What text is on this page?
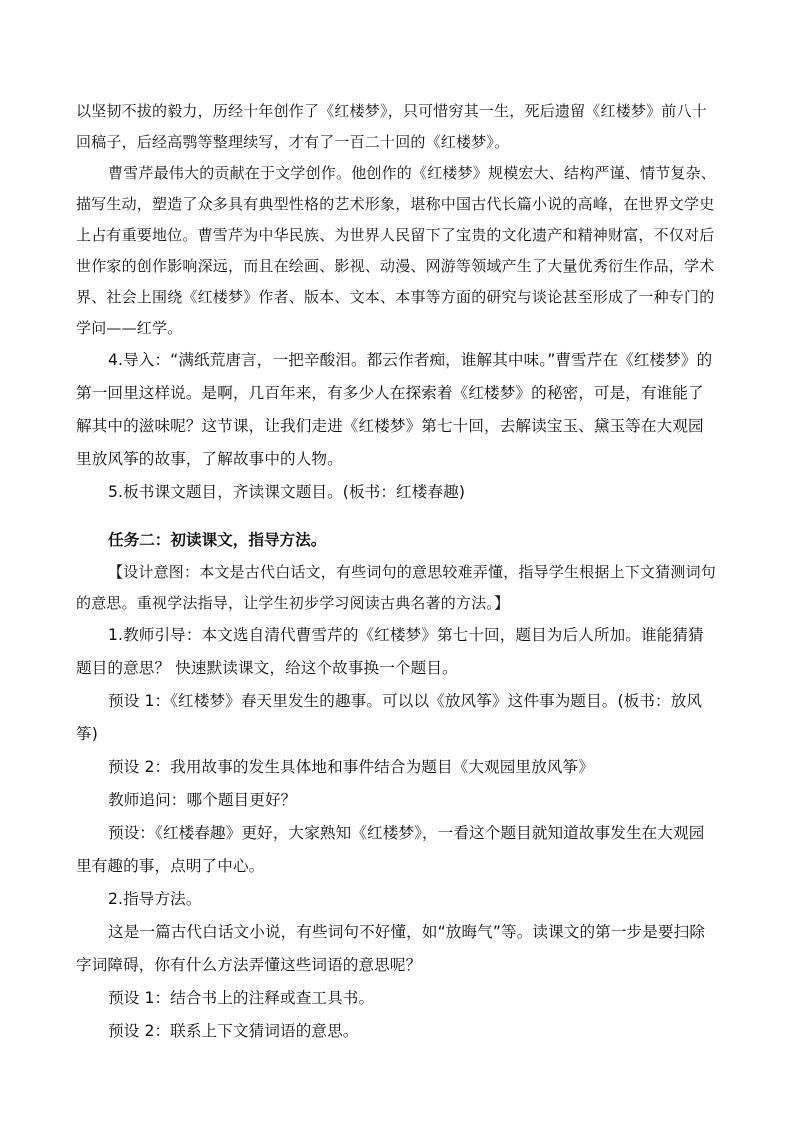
以坚韧不拔的毅力，历经十年创作了《红楼梦》，只可惜穷其一生，死后遗留《红楼梦》前八十回稿子，后经高鹗等整理续写，才有了一百二十回的《红楼梦》。

曹雪芹最伟大的贡献在于文学创作。他创作的《红楼梦》规模宏大、结构严谨、情节复杂、描写生动，塑造了众多具有典型性格的艺术形象，堪称中国古代长篇小说的高峰，在世界文学史上占有重要地位。曹雪芹为中华民族、为世界人民留下了宝贵的文化遗产和精神财富，不仅对后世作家的创作影响深远，而且在绘画、影视、动漫、网游等领域产生了大量优秀衍生作品，学术界、社会上围绕《红楼梦》作者、版本、文本、本事等方面的研究与谈论甚至形成了一种专门的学问——红学。

4.导入：“满纸荒唐言，一把辛酸泪。都云作者痴，谁解其中味。”曹雪芹在《红楼梦》的第一回里这样说。是啊，几百年来，有多少人在探索着《红楼梦》的秘密，可是，有谁能了解其中的滋味呢？这节课，让我们走进《红楼梦》第七十回，去解读宝玉、黛玉等在大观园里放风筝的故事，了解故事中的人物。

5.板书课文题目，齐读课文题目。(板书：红楼春趣)

任务二：初读课文，指导方法。

【设计意图：本文是古代白话文，有些词句的意思较难弄懂，指导学生根据上下文猜测词句的意思。重视学法指导，让学生初步学习阅读古典名著的方法。】

1.教师引导：本文选自清代曹雪芹的《红楼梦》第七十回，题目为后人所加。谁能猜猜题目的意思？ 快速默读课文，给这个故事换一个题目。

预设 1：《红楼梦》春天里发生的趣事。可以以《放风筝》这件事为题目。(板书：放风筝)

预设 2：我用故事的发生具体地和事件结合为题目《大观园里放风筝》

教师追问：哪个题目更好？

预设：《红楼春趣》更好，大家熟知《红楼梦》，一看这个题目就知道故事发生在大观园里有趣的事，点明了中心。

2.指导方法。

这是一篇古代白话文小说，有些词句不好懂，如“放晦气”等。读课文的第一步是要扫除字词障碍，你有什么方法弄懂这些词语的意思呢？

预设 1：结合书上的注释或查工具书。

预设 2：联系上下文猜词语的意思。
